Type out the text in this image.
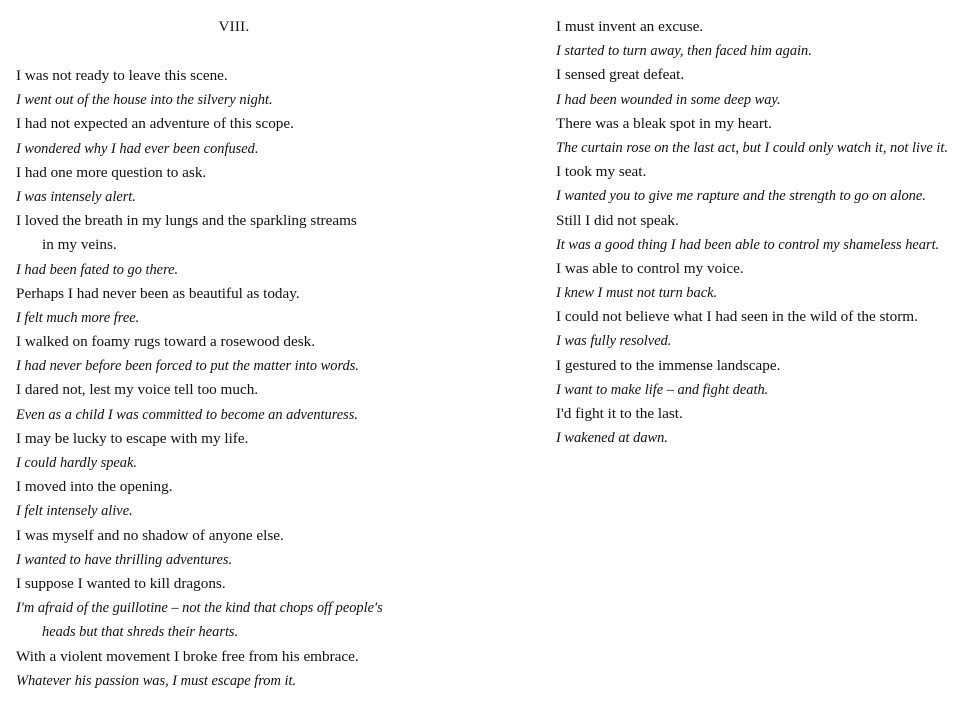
VIII.
I was not ready to leave this scene.
I went out of the house into the silvery night.
I had not expected an adventure of this scope.
I wondered why I had ever been confused.
I had one more question to ask.
I was intensely alert.
I loved the breath in my lungs and the sparkling streams
in my veins.
I had been fated to go there.
Perhaps I had never been as beautiful as today.
I felt much more free.
I walked on foamy rugs toward a rosewood desk.
I had never before been forced to put the matter into words.
I dared not, lest my voice tell too much.
Even as a child I was committed to become an adventuress.
I may be lucky to escape with my life.
I could hardly speak.
I moved into the opening.
I felt intensely alive.
I was myself and no shadow of anyone else.
I wanted to have thrilling adventures.
I suppose I wanted to kill dragons.
I'm afraid of the guillotine – not the kind that chops off people's
heads but that shreds their hearts.
With a violent movement I broke free from his embrace.
Whatever his passion was, I must escape from it.
I must invent an excuse.
I started to turn away, then faced him again.
I sensed great defeat.
I had been wounded in some deep way.
There was a bleak spot in my heart.
The curtain rose on the last act, but I could only watch it, not live it.
I took my seat.
I wanted you to give me rapture and the strength to go on alone.
Still I did not speak.
It was a good thing I had been able to control my shameless heart.
I was able to control my voice.
I knew I must not turn back.
I could not believe what I had seen in the wild of the storm.
I was fully resolved.
I gestured to the immense landscape.
I want to make life – and fight death.
I'd fight it to the last.
I wakened at dawn.
